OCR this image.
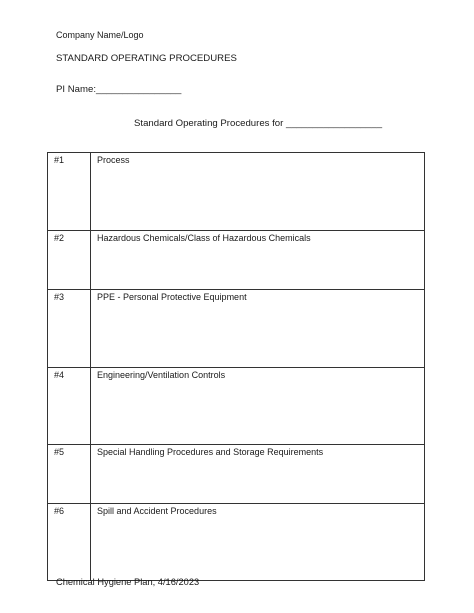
Company Name/Logo
STANDARD OPERATING PROCEDURES
PI Name:________________
Standard Operating Procedures for __________________
#1	Process
#2	Hazardous Chemicals/Class of Hazardous Chemicals
#3	PPE - Personal Protective Equipment
#4	Engineering/Ventilation Controls
#5	Special Handling Procedures and Storage Requirements
#6	Spill and Accident Procedures
Chemical Hygiene Plan, 4/16/2023
